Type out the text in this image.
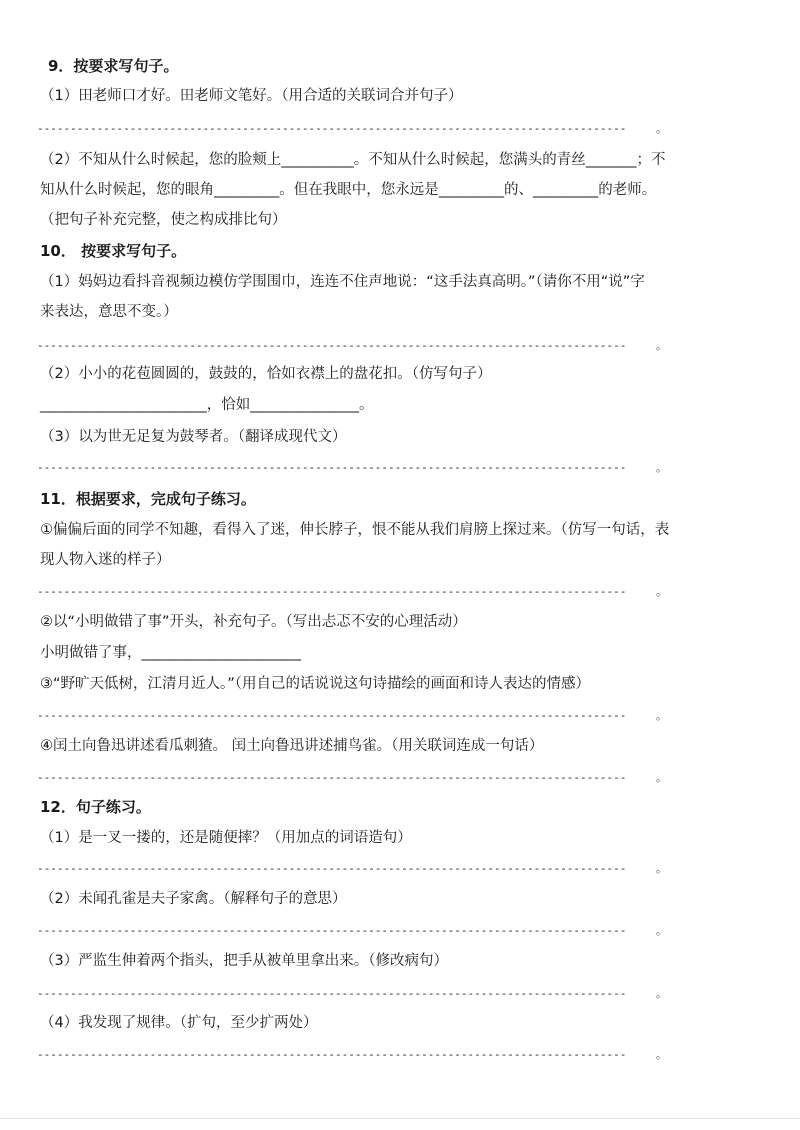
9．按要求写句子。
（1）田老师口才好。田老师文笔好。（用合适的关联词合并句子）
----------------------------------------------------------------------------------------- 。
（2）不知从什么时候起，您的脸颊上__________。不知从什么时候起，您满头的青丝_______；不
知从什么时候起，您的眼角_________。但在我眼中，您永远是_________的、_________的老师。
（把句子补充完整，使之构成排比句）
10． 按要求写句子。
（1）妈妈边看抖音视频边模仿学围围巾，连连不住声地说：“这手法真高明。”（请你不用“说”字
来表达，意思不变。）
----------------------------------------------------------------------------------------- 。
（2）小小的花苞圆圆的，鼓鼓的，恰如衣襟上的盘花扣。（仿写句子）
_______________________，恰如_______________。
（3）以为世无足复为鼓琴者。（翻译成现代文）
----------------------------------------------------------------------------------------- 。
11．根据要求，完成句子练习。
①偏偏后面的同学不知趣，看得入了迷，伸长脖子，恨不能从我们肩膀上探过来。（仿写一句话，表
现人物入迷的样子）
----------------------------------------------------------------------------------------- 。
②以“小明做错了事”开头，补充句子。（写出忐忑不安的心理活动）
小明做错了事，______________________
③“野旷天低树，江清月近人。”（用自己的话说说这句诗描绘的画面和诗人表达的情感）
----------------------------------------------------------------------------------------- 。
④闰土向鲁迅讲述看瓜刺猹。 闰土向鲁迅讲述捕鸟雀。（用关联词连成一句话）
----------------------------------------------------------------------------------------- 。
12．句子练习。
（1）是一叉一搂的，还是随便摔？（用加点的词语造句）
----------------------------------------------------------------------------------------- 。
（2）未闻孔雀是夫子家禽。（解释句子的意思）
----------------------------------------------------------------------------------------- 。
（3）严监生伸着两个指头，把手从被单里拿出来。（修改病句）
----------------------------------------------------------------------------------------- 。
（4）我发现了规律。（扩句，至少扩两处）
----------------------------------------------------------------------------------------- 。
